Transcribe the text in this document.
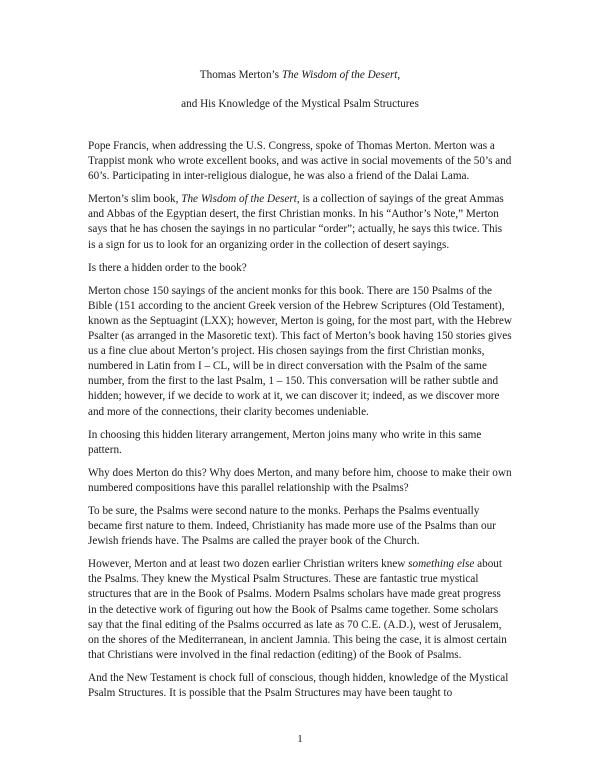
Thomas Merton’s The Wisdom of the Desert,

and His Knowledge of the Mystical Psalm Structures

Pope Francis, when addressing the U.S. Congress, spoke of Thomas Merton. Merton was a Trappist monk who wrote excellent books, and was active in social movements of the 50’s and 60’s. Participating in inter-religious dialogue, he was also a friend of the Dalai Lama.

Merton’s slim book, The Wisdom of the Desert, is a collection of sayings of the great Ammas and Abbas of the Egyptian desert, the first Christian monks. In his “Author’s Note,” Merton says that he has chosen the sayings in no particular “order”; actually, he says this twice. This is a sign for us to look for an organizing order in the collection of desert sayings.

Is there a hidden order to the book?

Merton chose 150 sayings of the ancient monks for this book. There are 150 Psalms of the Bible (151 according to the ancient Greek version of the Hebrew Scriptures (Old Testament), known as the Septuagint (LXX); however, Merton is going, for the most part, with the Hebrew Psalter (as arranged in the Masoretic text). This fact of Merton’s book having 150 stories gives us a fine clue about Merton’s project. His chosen sayings from the first Christian monks, numbered in Latin from I – CL, will be in direct conversation with the Psalm of the same number, from the first to the last Psalm, 1 – 150. This conversation will be rather subtle and hidden; however, if we decide to work at it, we can discover it; indeed, as we discover more and more of the connections, their clarity becomes undeniable.

In choosing this hidden literary arrangement, Merton joins many who write in this same pattern.

Why does Merton do this? Why does Merton, and many before him, choose to make their own numbered compositions have this parallel relationship with the Psalms?

To be sure, the Psalms were second nature to the monks. Perhaps the Psalms eventually became first nature to them. Indeed, Christianity has made more use of the Psalms than our Jewish friends have. The Psalms are called the prayer book of the Church.

However, Merton and at least two dozen earlier Christian writers knew something else about the Psalms. They knew the Mystical Psalm Structures. These are fantastic true mystical structures that are in the Book of Psalms. Modern Psalms scholars have made great progress in the detective work of figuring out how the Book of Psalms came together. Some scholars say that the final editing of the Psalms occurred as late as 70 C.E. (A.D.), west of Jerusalem, on the shores of the Mediterranean, in ancient Jamnia. This being the case, it is almost certain that Christians were involved in the final redaction (editing) of the Book of Psalms.

And the New Testament is chock full of conscious, though hidden, knowledge of the Mystical Psalm Structures. It is possible that the Psalm Structures may have been taught to

1
